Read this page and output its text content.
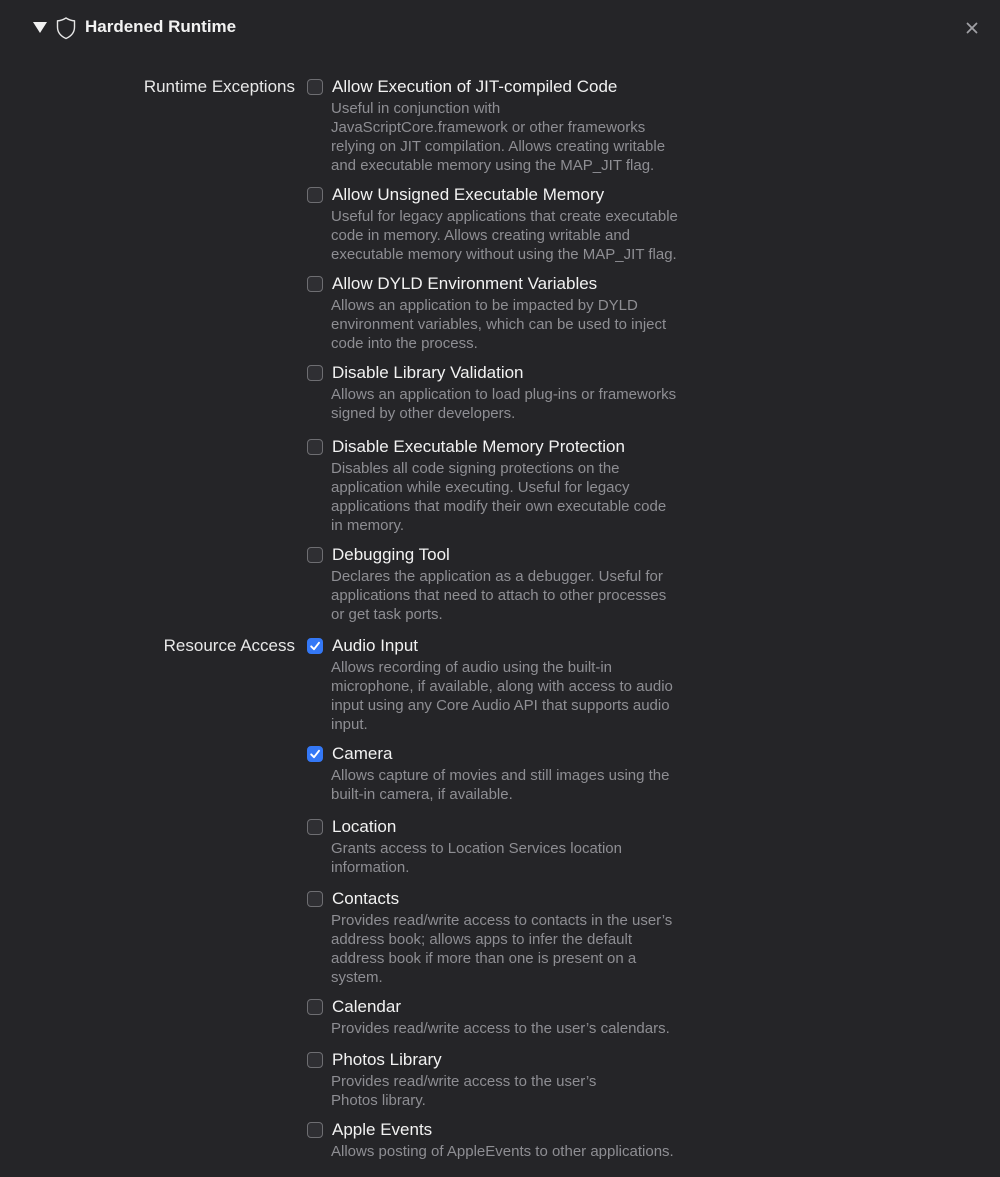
Hardened Runtime
Runtime Exceptions Allow Execution of JIT-compiled Code
Useful in conjunction with
JavaScriptCore.framework or other frameworks
relying on JIT compilation. Allows creating writable
and executable memory using the MAP_JIT flag.
Allow Unsigned Executable Memory
Useful for legacy applications that create executable
code in memory. Allows creating writable and
executable memory without using the MAP_JIT flag.
Allow DYLD Environment Variables
Allows an application to be impacted by DYLD
environment variables, which can be used to inject
code into the process.
Disable Library Validation
Allows an application to load plug-ins or frameworks
signed by other developers.
Disable Executable Memory Protection
Disables all code signing protections on the
application while executing. Useful for legacy
applications that modify their own executable code
in memory.
Debugging Tool
Declares the application as a debugger. Useful for
applications that need to attach to other processes
or get task ports.
Resource Access Audio Input
Allows recording of audio using the built-in
microphone, if available, along with access to audio
input using any Core Audio API that supports audio
input.
Camera
Allows capture of movies and still images using the
built-in camera, if available.
Location
Grants access to Location Services location
information.
Contacts
Provides read/write access to contacts in the user’s
address book; allows apps to infer the default
address book if more than one is present on a
system.
Calendar
Provides read/write access to the user’s calendars.
Photos Library
Provides read/write access to the user’s
Photos library.
Apple Events
Allows posting of AppleEvents to other applications.
